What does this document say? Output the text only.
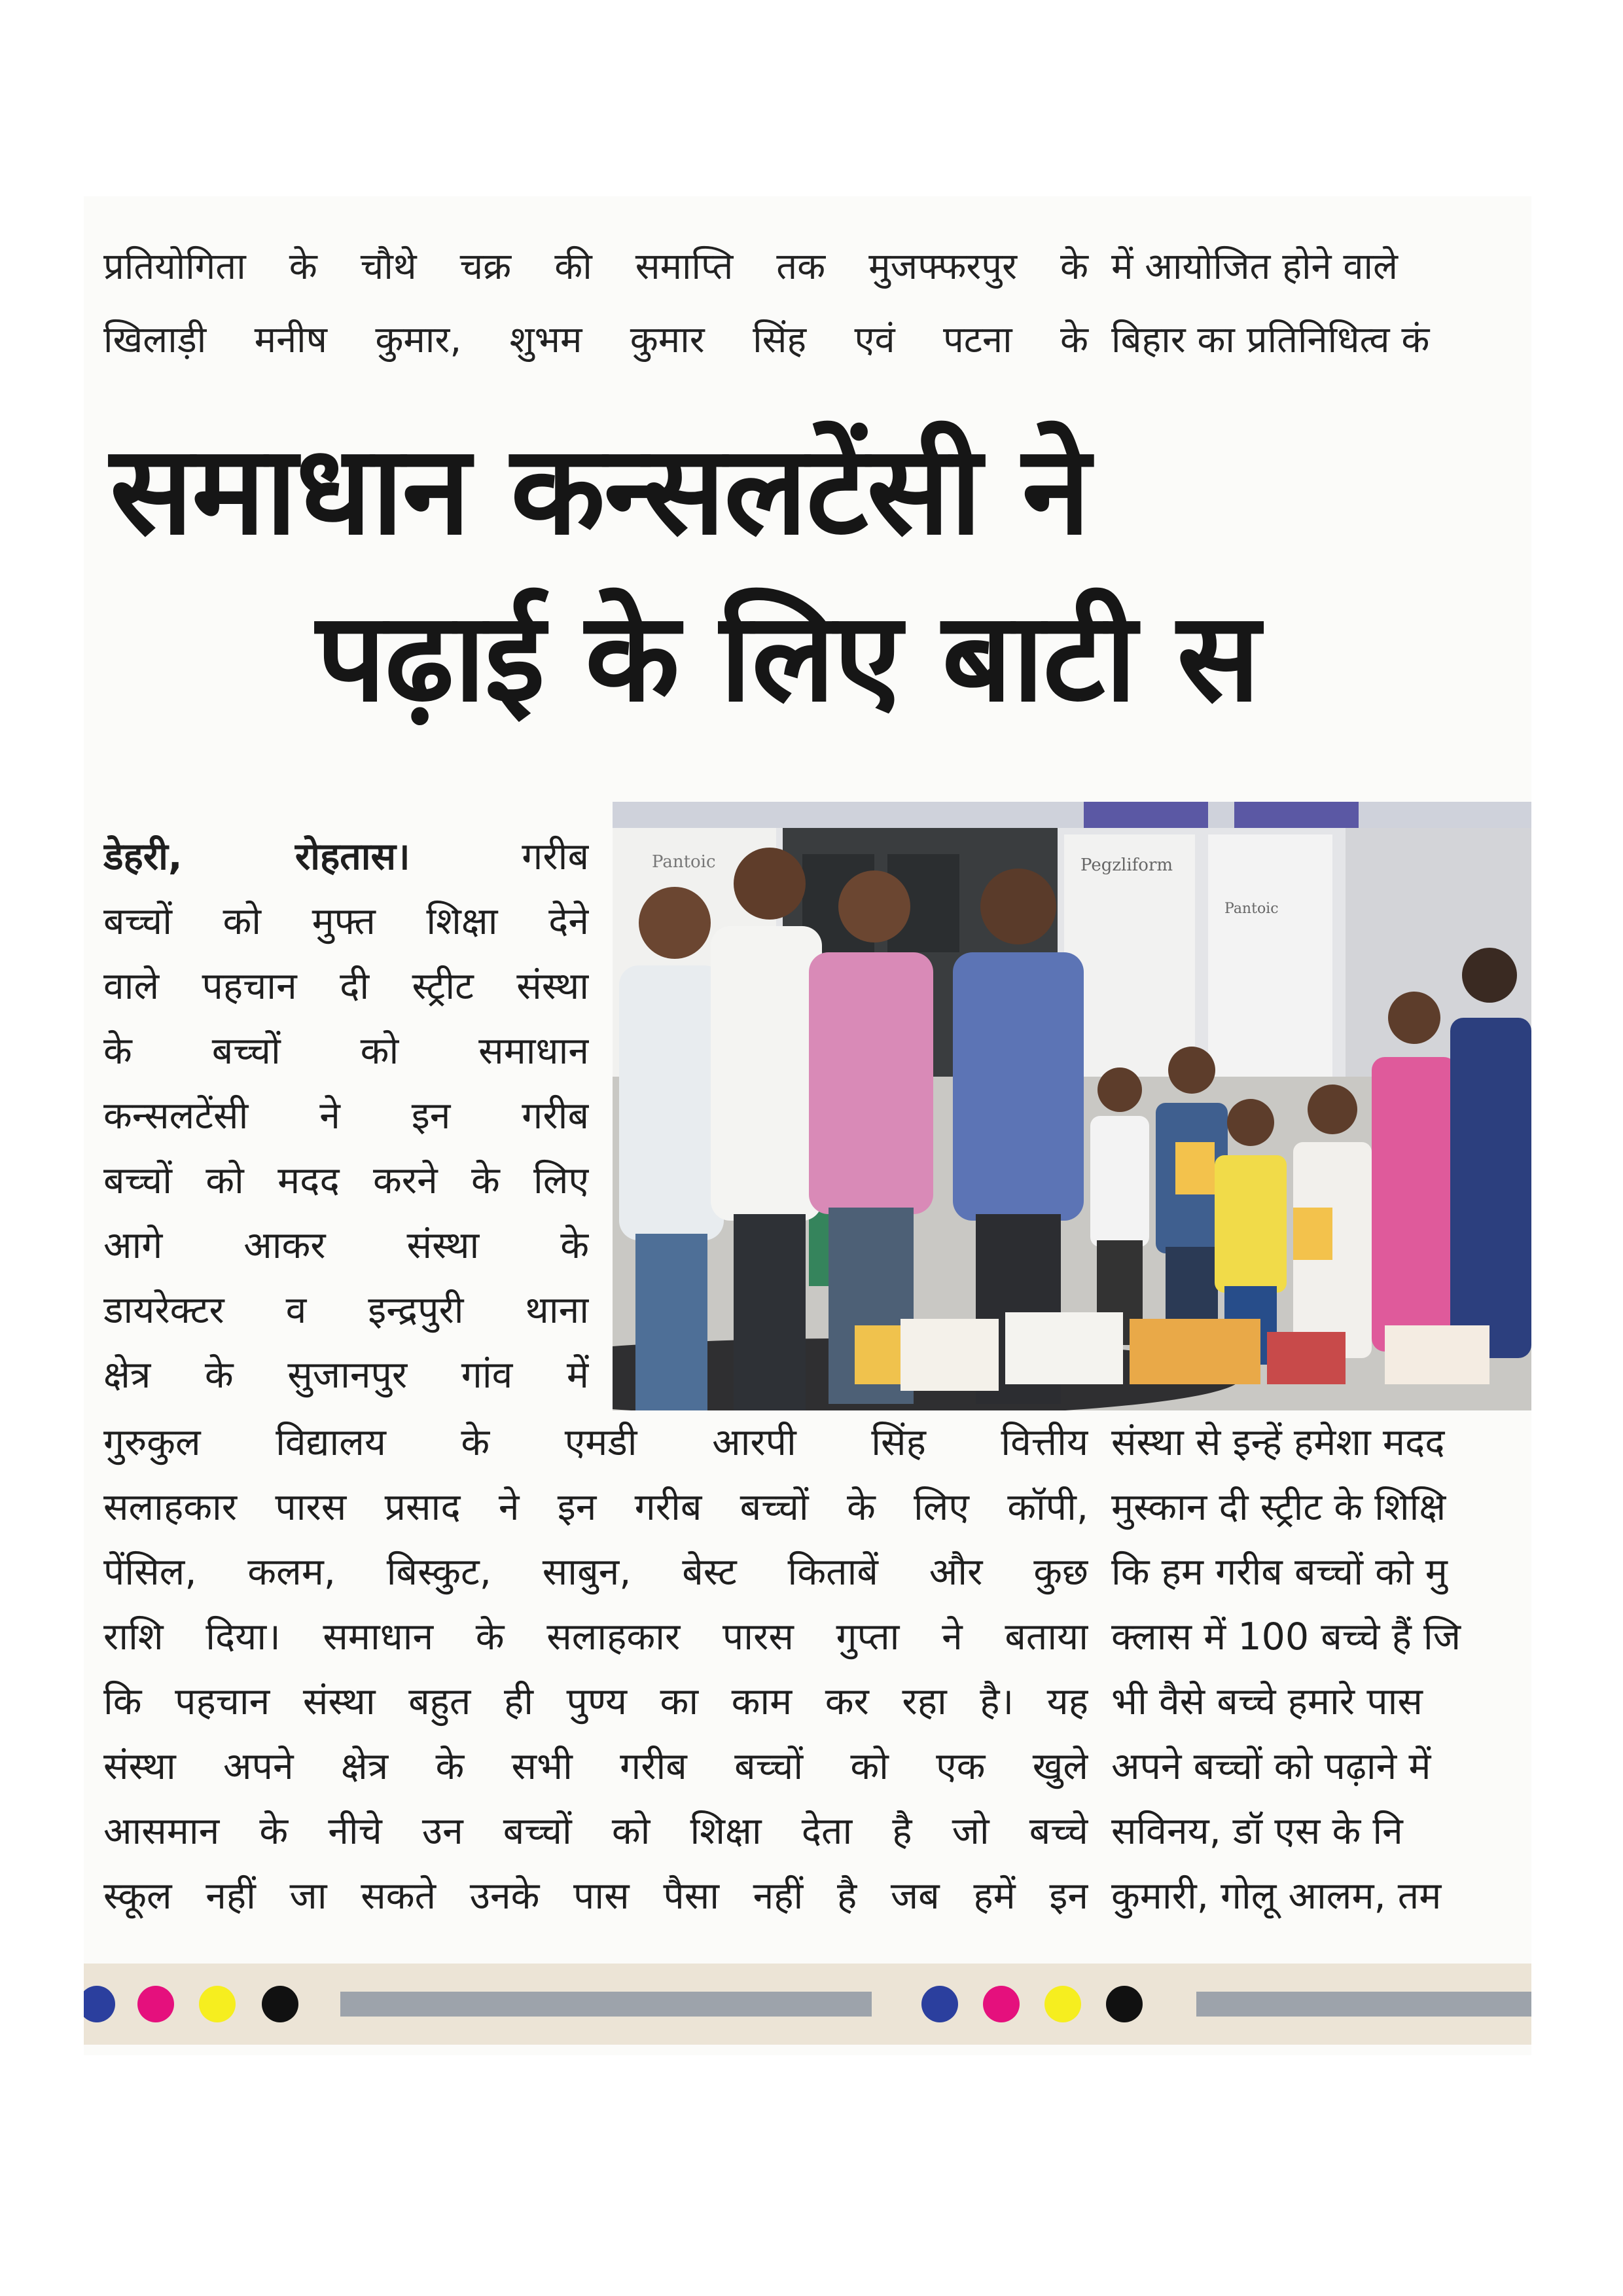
प्रतियोगिता के चौथे चक्र की समाप्ति तक मुजफ्फरपुर के
खिलाड़ी मनीष कुमार, शुभम कुमार सिंह एवं पटना के
में आयोजित होने वाले
बिहार का प्रतिनिधित्व कं
समाधान कन्सलटेंसी ने
पढ़ाई के लिए बाटी स
डेहरी, रोहतास।	गरीब
बच्चों को मुफ्त शिक्षा देने
वाले पहचान दी स्ट्रीट संस्था
के बच्चों को समाधान
कन्सलटेंसी ने इन गरीब
बच्चों को मदद करने के लिए
आगे आकर संस्था के
डायरेक्टर व इन्द्रपुरी थाना
क्षेत्र के सुजानपुर गांव में
Pantoic	Pegzliform
Pantoic
गुरुकुल विद्यालय के एमडी आरपी सिंह वित्तीय
सलाहकार पारस प्रसाद ने इन गरीब बच्चों के लिए कॉपी,
पेंसिल, कलम, बिस्कुट, साबुन, बेस्ट किताबें और कुछ
राशि दिया। समाधान के सलाहकार पारस गुप्ता ने बताया
कि पहचान संस्था बहुत ही पुण्य का काम कर रहा है। यह
संस्था अपने क्षेत्र के सभी गरीब बच्चों को एक खुले
आसमान के नीचे उन बच्चों को शिक्षा देता है जो बच्चे
स्कूल नहीं जा सकते उनके पास पैसा नहीं है जब हमें इन
संस्था से इन्हें हमेशा मदद
मुस्कान दी स्ट्रीट के शिक्षि
कि हम गरीब बच्चों को मु
क्लास में 100 बच्चे हैं जि
भी वैसे बच्चे हमारे पास
अपने बच्चों को पढ़ाने में
सविनय, डॉ एस के नि
कुमारी, गोलू आलम, तम
